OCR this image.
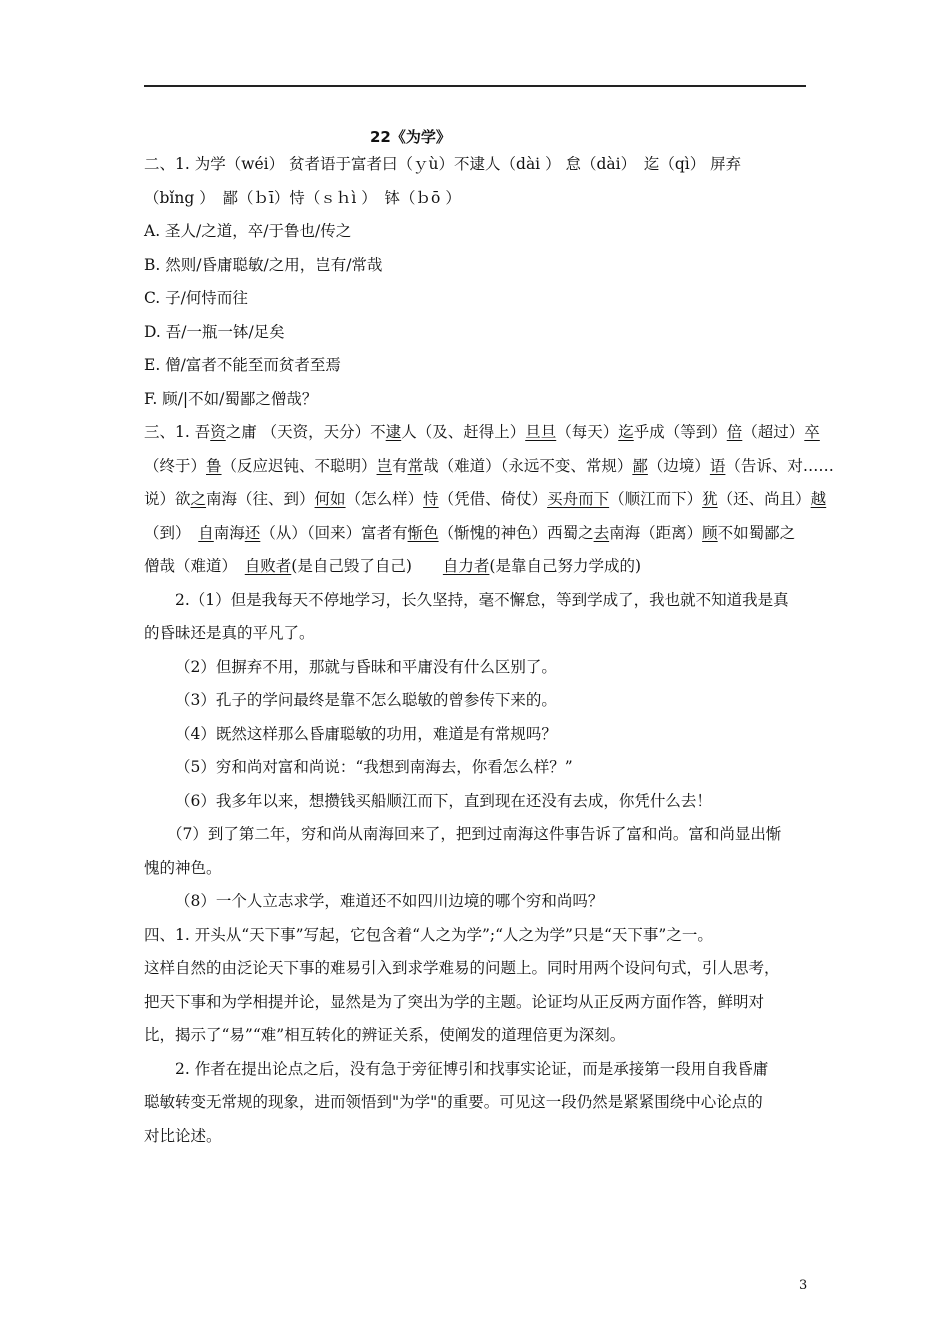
22《为学》

二、1. 为学（wéi） 贫者语于富者曰（ｙù）不逮人（dài ） 怠（dài）　迄（qì） 屏弃

（bǐng ）　鄙（ｂī）恃（ｓｈì ）　钵（ｂō ）

A. 圣人/之道，卒/于鲁也/传之

B. 然则/昏庸聪敏/之用，岂有/常哉

C. 子/何恃而往

D. 吾/一瓶一钵/足矣

E. 僧/富者不能至而贫者至焉

F. 顾/|不如/蜀鄙之僧哉？

三、1. 吾资之庸 （天资，天分）不逮人（及、赶得上）旦旦（每天）迄乎成（等到）倍（超过）卒

（终于）鲁（反应迟钝、不聪明）岂有常哉（难道）（永远不变、常规）鄙（边境）语（告诉、对……

说）欲之南海（往、到）何如（怎么样）恃（凭借、倚仗）买舟而下（顺江而下）犹（还、尚且）越

（到）　自南海还（从）（回来）富者有惭色（惭愧的神色）西蜀之去南海（距离）顾不如蜀鄙之

僧哉（难道）　自败者(是自己毁了自己)　　自力者(是靠自己努力学成的)

2.（1）但是我每天不停地学习，长久坚持，毫不懈怠，等到学成了，我也就不知道我是真

的昏昧还是真的平凡了。

（2）但摒弃不用，那就与昏昧和平庸没有什么区别了。

（3）孔子的学问最终是靠不怎么聪敏的曾参传下来的。

（4）既然这样那么昏庸聪敏的功用，难道是有常规吗？

（5）穷和尚对富和尚说：“我想到南海去，你看怎么样？”

（6）我多年以来，想攒钱买船顺江而下，直到现在还没有去成，你凭什么去！

（7）到了第二年，穷和尚从南海回来了，把到过南海这件事告诉了富和尚。富和尚显出惭

愧的神色。

（8）一个人立志求学，难道还不如四川边境的哪个穷和尚吗？

四、1. 开头从“天下事”写起，它包含着“人之为学”;“人之为学”只是“天下事”之一。

这样自然的由泛论天下事的难易引入到求学难易的问题上。同时用两个设问句式，引人思考，

把天下事和为学相提并论，显然是为了突出为学的主题。论证均从正反两方面作答，鲜明对

比，揭示了“易”“难”相互转化的辨证关系，使阐发的道理倍更为深刻。

2. 作者在提出论点之后，没有急于旁征博引和找事实论证，而是承接第一段用自我昏庸

聪敏转变无常规的现象，进而领悟到"为学"的重要。可见这一段仍然是紧紧围绕中心论点的

对比论述。

3
